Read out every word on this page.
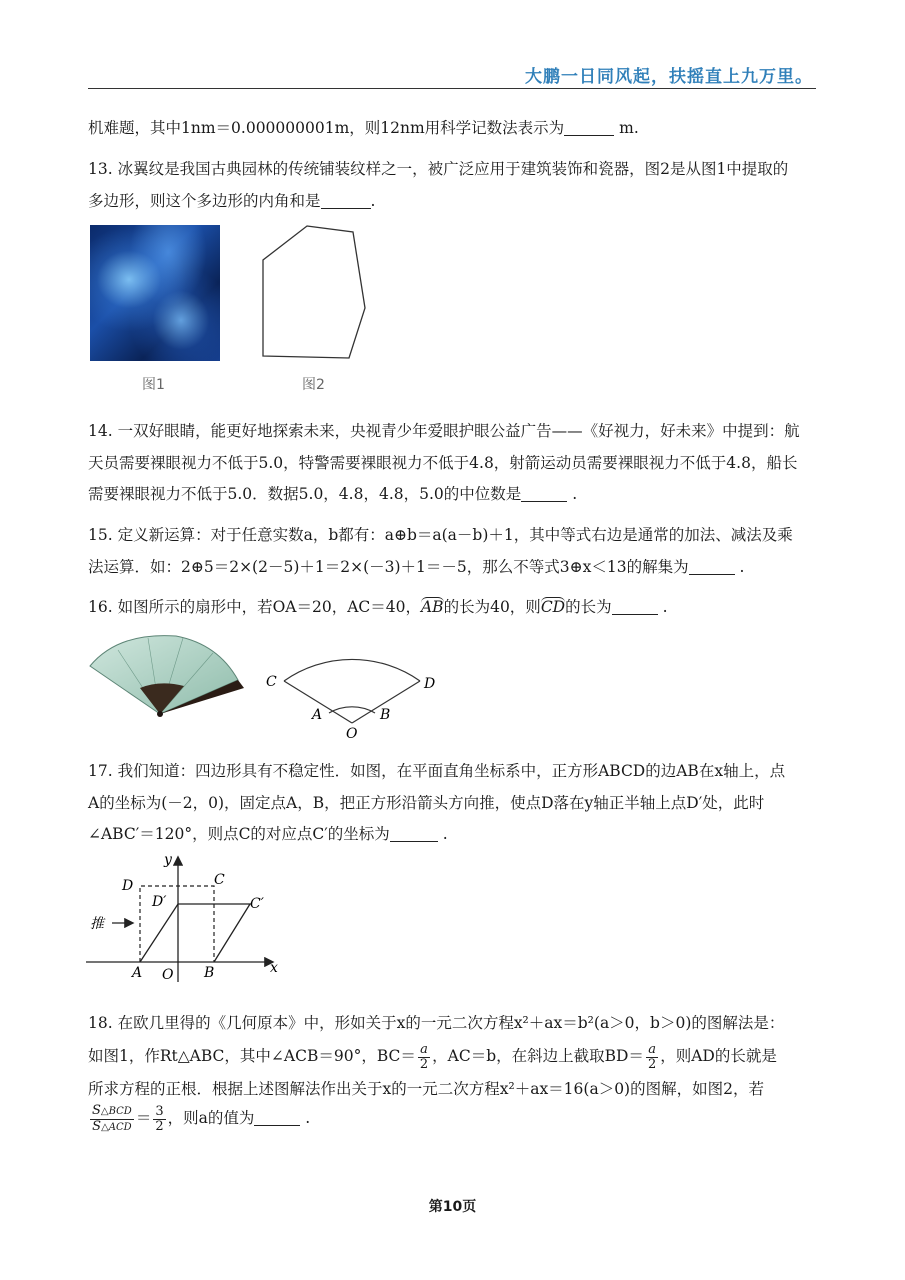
大鹏一日同风起，扶摇直上九万里。
机难题，其中1nm＝0.000000001m，则12nm用科学记数法表示为	m.
13. 冰翼纹是我国古典园林的传统铺装纹样之一，被广泛应用于建筑装饰和瓷器，图2是从图1中提取的
多边形，则这个多边形的内角和是	.
图1	图2
14. 一双好眼睛，能更好地探索未来，央视青少年爱眼护眼公益广告——《好视力，好未来》中提到：航
天员需要裸眼视力不低于5.0，特警需要裸眼视力不低于4.8，射箭运动员需要裸眼视力不低于4.8，船长
需要裸眼视力不低于5.0．数据5.0，4.8，4.8，5.0的中位数是	.
15. 定义新运算：对于任意实数a，b都有：a⊕b＝a(a－b)＋1，其中等式右边是通常的加法、减法及乘
法运算．如：2⊕5＝2×(2－5)＋1＝2×(－3)＋1＝－5，那么不等式3⊕x＜13的解集为	.
16. 如图所示的扇形中，若OA＝20，AC＝40，AB的长为40，则CD的长为	.
C	D
A
O
B
17. 我们知道：四边形具有不稳定性．如图，在平面直角坐标系中，正方形ABCD的边AB在x轴上，点
A的坐标为(－2，0)，固定点A，B，把正方形沿箭头方向推，使点D落在y轴正半轴上点D′处，此时
∠ABC′＝120°，则点C的对应点C′的坐标为	.
y
x
D	C
D′	C′
推
A O B
18. 在欧几里得的《几何原本》中，形如关于x的一元二次方程x²＋ax＝b²(a＞0，b＞0)的图解法是：
如图1，作Rt△ABC，其中∠ACB＝90°，$BC= \frac{a}{2}$ ，AC＝b，在斜边上截取$BD= \frac{a}{2}$ ，则AD的长就是
所求方程的正根．根据上述图解法作出关于x的一元二次方程x²＋ax＝16(a＞0)的图解，如图2，若
$\frac{\text{S△BCD}}{\text{S△ACD}} = \frac{3}{2}$ ，则a的值为	.
第10页
